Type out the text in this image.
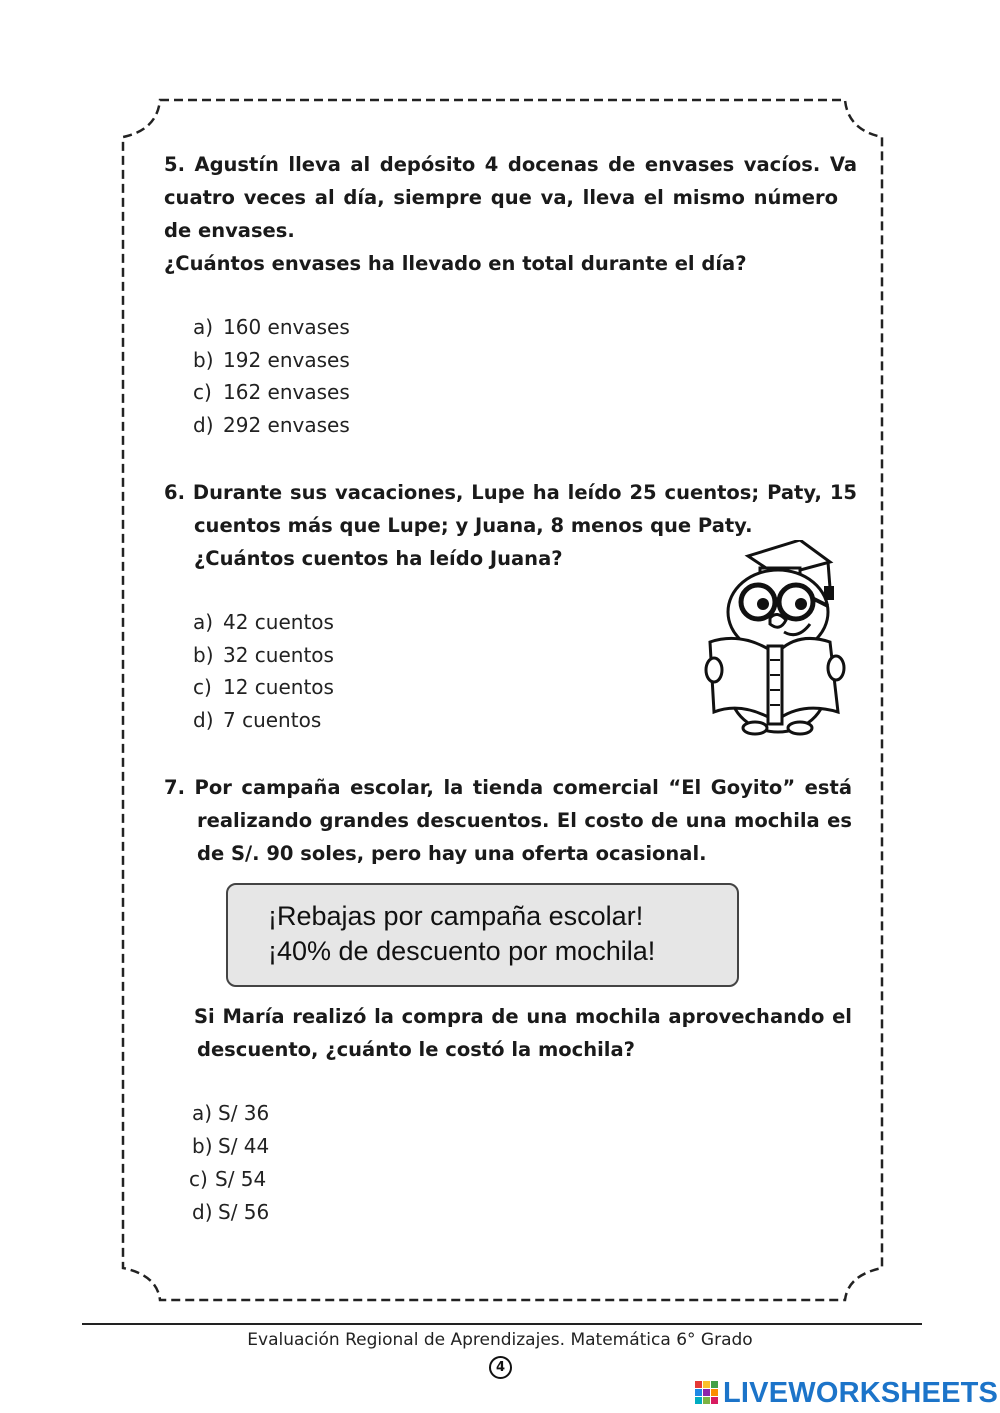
5. Agustín lleva al depósito 4 docenas de envases vacíos. Va
cuatro veces al día, siempre que va, lleva el mismo número
de envases.
¿Cuántos envases ha llevado en total durante el día?
a) 160 envases
b) 192 envases
c) 162 envases
d) 292 envases
6. Durante sus vacaciones, Lupe ha leído 25 cuentos; Paty, 15
cuentos más que Lupe; y Juana, 8 menos que Paty.
¿Cuántos cuentos ha leído Juana?
a) 42 cuentos
b) 32 cuentos
c) 12 cuentos
d) 7 cuentos
7. Por campaña escolar, la tienda comercial “El Goyito” está
realizando grandes descuentos. El costo de una mochila es
de S/. 90 soles, pero hay una oferta ocasional.
¡Rebajas por campaña escolar!
¡40% de descuento por mochila!
Si María realizó la compra de una mochila aprovechando el
descuento, ¿cuánto le costó la mochila?
a) S/ 36
b) S/ 44
c) S/ 54
d) S/ 56
Evaluación Regional de Aprendizajes. Matemática 6° Grado
4
LIVEWORKSHEETS
